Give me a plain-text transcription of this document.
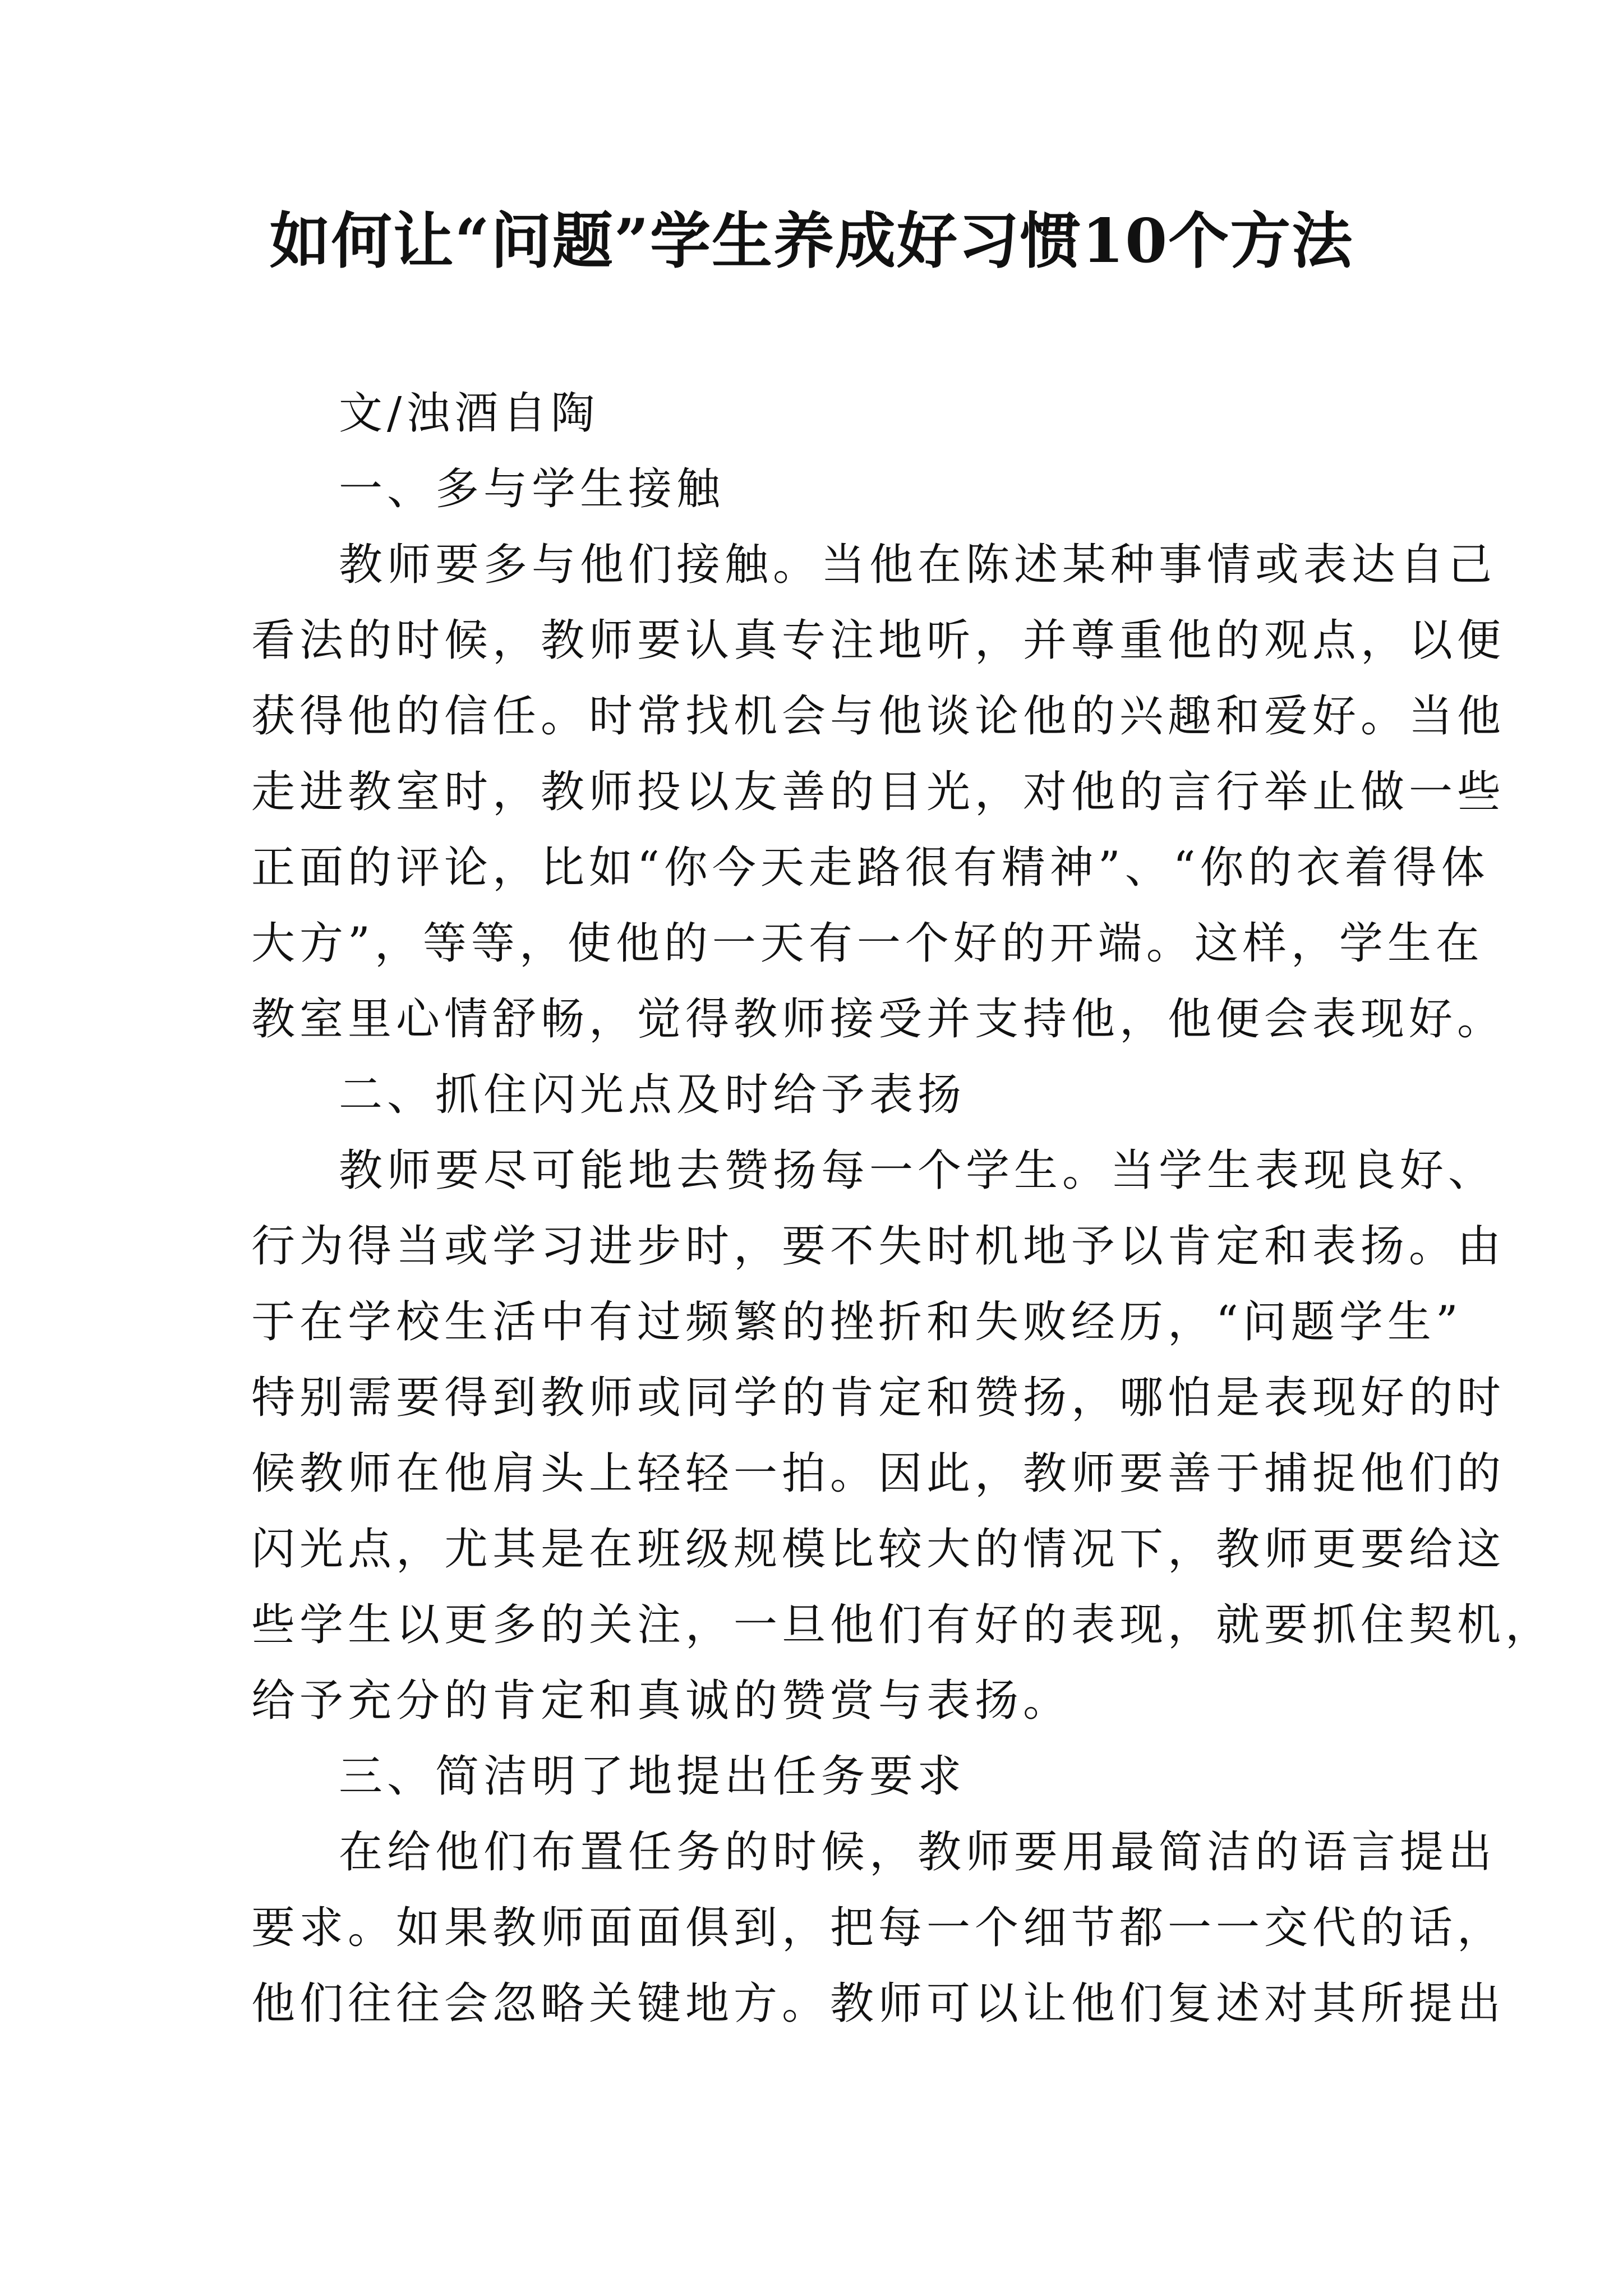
如何让“问题”学生养成好习惯10个方法
文/浊酒自陶
一、多与学生接触
教师要多与他们接触。当他在陈述某种事情或表达自己
看法的时候，教师要认真专注地听，并尊重他的观点，以便
获得他的信任。时常找机会与他谈论他的兴趣和爱好。当他
走进教室时，教师投以友善的目光，对他的言行举止做一些
正面的评论，比如“你今天走路很有精神”、“你的衣着得体
大方”，等等，使他的一天有一个好的开端。这样，学生在
教室里心情舒畅，觉得教师接受并支持他，他便会表现好。
二、抓住闪光点及时给予表扬
教师要尽可能地去赞扬每一个学生。当学生表现良好、
行为得当或学习进步时，要不失时机地予以肯定和表扬。由
于在学校生活中有过频繁的挫折和失败经历，“问题学生”
特别需要得到教师或同学的肯定和赞扬，哪怕是表现好的时
候教师在他肩头上轻轻一拍。因此，教师要善于捕捉他们的
闪光点，尤其是在班级规模比较大的情况下，教师更要给这
些学生以更多的关注，一旦他们有好的表现，就要抓住契机，
给予充分的肯定和真诚的赞赏与表扬。
三、简洁明了地提出任务要求
在给他们布置任务的时候，教师要用最简洁的语言提出
要求。如果教师面面俱到，把每一个细节都一一交代的话，
他们往往会忽略关键地方。教师可以让他们复述对其所提出
